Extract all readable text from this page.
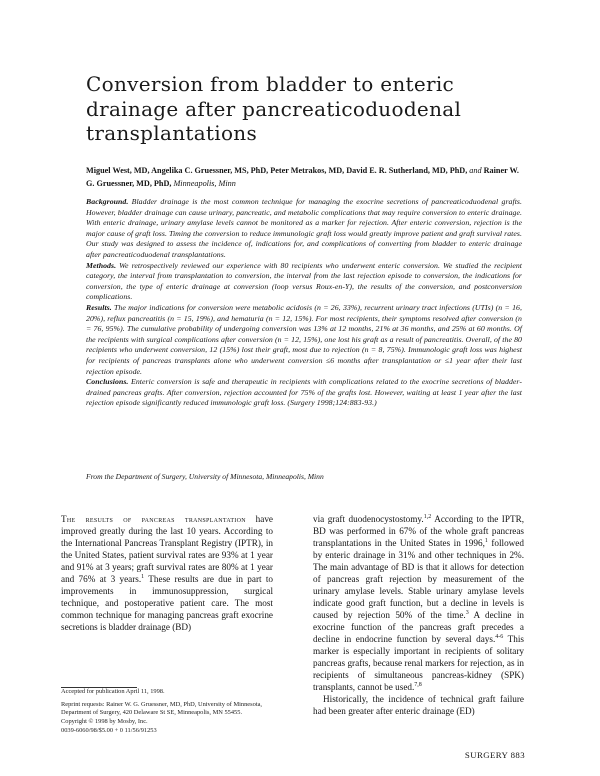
Conversion from bladder to enteric drainage after pancreaticoduodenal transplantations
Miguel West, MD, Angelika C. Gruessner, MS, PhD, Peter Metrakos, MD, David E. R. Sutherland, MD, PhD, and Rainer W. G. Gruessner, MD, PhD, Minneapolis, Minn

Background. Bladder drainage is the most common technique for managing the exocrine secretions of pancreaticoduodenal grafts. However, bladder drainage can cause urinary, pancreatic, and metabolic complications that may require conversion to enteric drainage. With enteric drainage, urinary amylase levels cannot be monitored as a marker for rejection. After enteric conversion, rejection is the major cause of graft loss. Timing the conversion to reduce immunologic graft loss would greatly improve patient and graft survival rates. Our study was designed to assess the incidence of, indications for, and complications of converting from bladder to enteric drainage after pancreaticoduodenal transplantations.

Methods. We retrospectively reviewed our experience with 80 recipients who underwent enteric conversion. We studied the recipient category, the interval from transplantation to conversion, the interval from the last rejection episode to conversion, the indications for conversion, the type of enteric drainage at conversion (loop versus Roux-en-Y), the results of the conversion, and postconversion complications.

Results. The major indications for conversion were metabolic acidosis (n = 26, 33%), recurrent urinary tract infections (UTIs) (n = 16, 20%), reflux pancreatitis (n = 15, 19%), and hematuria (n = 12, 15%). For most recipients, their symptoms resolved after conversion (n = 76, 95%). The cumulative probability of undergoing conversion was 13% at 12 months, 21% at 36 months, and 25% at 60 months. Of the recipients with surgical complications after conversion (n = 12, 15%), one lost his graft as a result of pancreatitis. Overall, of the 80 recipients who underwent conversion, 12 (15%) lost their graft, most due to rejection (n = 8, 75%). Immunologic graft loss was highest for recipients of pancreas transplants alone who underwent conversion ≤6 months after transplantation or ≤1 year after their last rejection episode.

Conclusions. Enteric conversion is safe and therapeutic in recipients with complications related to the exocrine secretions of bladder-drained pancreas grafts. After conversion, rejection accounted for 75% of the grafts lost. However, waiting at least 1 year after the last rejection episode significantly reduced immunologic graft loss. (Surgery 1998;124:883-93.)

From the Department of Surgery, University of Minnesota, Minneapolis, Minn

The results of pancreas transplantation have improved greatly during the last 10 years. According to the International Pancreas Transplant Registry (IPTR), in the United States, patient survival rates are 93% at 1 year and 91% at 3 years; graft survival rates are 80% at 1 year and 76% at 3 years.$^1$ These results are due in part to improvements in immunosuppression, surgical technique, and postoperative patient care. The most common technique for managing pancreas graft exocrine secretions is bladder drainage (BD)

via graft duodenocystostomy.$^{1,2}$ According to the IPTR, BD was performed in 67% of the whole graft pancreas transplantations in the United States in 1996,$^1$ followed by enteric drainage in 31% and other techniques in 2%. The main advantage of BD is that it allows for detection of pancreas graft rejection by measurement of the urinary amylase levels. Stable urinary amylase levels indicate good graft function, but a decline in levels is caused by rejection 50% of the time.$^3$ A decline in exocrine function of the pancreas graft precedes a decline in endocrine function by several days.$^{4-6}$ This marker is especially important in recipients of solitary pancreas grafts, because renal markers for rejection, as in recipients of simultaneous pancreas-kidney (SPK) transplants, cannot be used.$^{7,8}$

Historically, the incidence of technical graft failure had been greater after enteric drainage (ED)

Accepted for publication April 11, 1998.

Reprint requests: Rainer W. G. Gruessner, MD, PhD, University of Minnesota, Department of Surgery, 420 Delaware St SE, Minneapolis, MN 55455.

Copyright © 1998 by Mosby, Inc.

0039-6060/98/$5.00 + 0 11/56/91253

SURGERY 883
